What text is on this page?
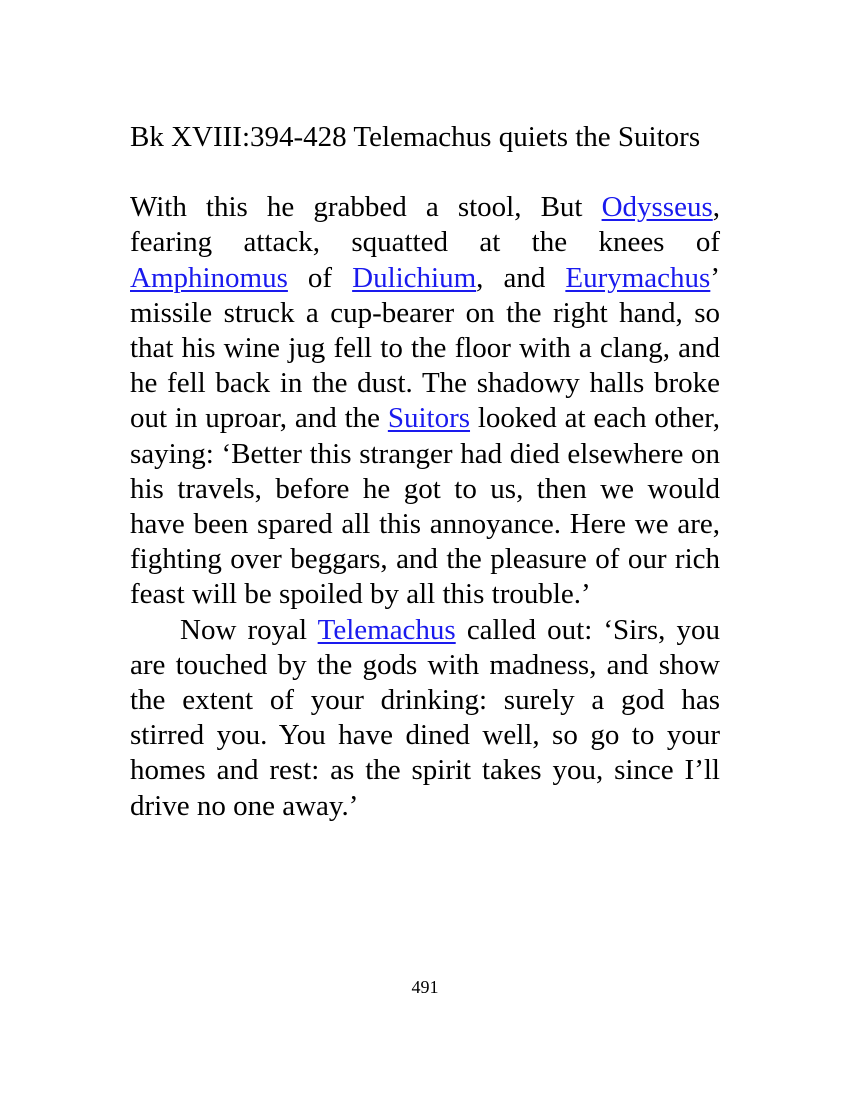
Bk XVIII:394-428 Telemachus quiets the Suitors

With this he grabbed a stool, But Odysseus, fearing attack, squatted at the knees of Amphinomus of Dulichium, and Eurymachus’ missile struck a cup-bearer on the right hand, so that his wine jug fell to the floor with a clang, and he fell back in the dust. The shadowy halls broke out in uproar, and the Suitors looked at each other, saying: ‘Better this stranger had died elsewhere on his travels, before he got to us, then we would have been spared all this annoyance. Here we are, fighting over beggars, and the pleasure of our rich feast will be spoiled by all this trouble.’

Now royal Telemachus called out: ‘Sirs, you are touched by the gods with madness, and show the extent of your drinking: surely a god has stirred you. You have dined well, so go to your homes and rest: as the spirit takes you, since I’ll drive no one away.’

491
